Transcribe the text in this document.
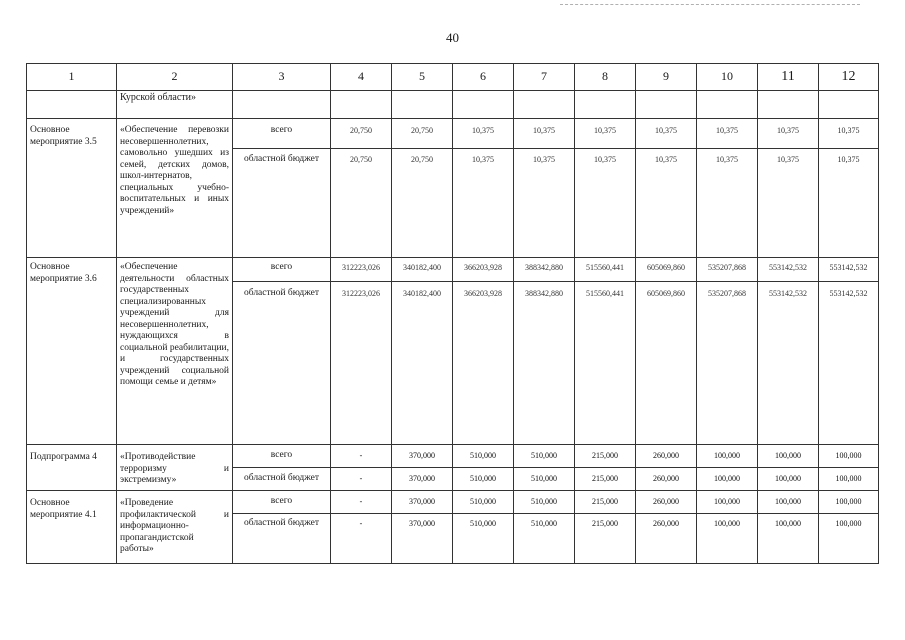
40
1	2	3	4	5	6	7	8	9	10	11	12
	Курской области»										
Основное мероприятие 3.5	«Обеспечение перевозки несовершеннолетних, самовольно ушедших из семей, детских домов, школ-интернатов, специальных учебно-воспитательных и иных учреждений»	всего	20,750	20,750	10,375	10,375	10,375	10,375	10,375	10,375	10,375
		областной бюджет	20,750	20,750	10,375	10,375	10,375	10,375	10,375	10,375	10,375
Основное мероприятие 3.6	«Обеспечение деятельности областных государственных специализированных учреждений для несовершеннолетних, нуждающихся в социальной реабилитации, и государственных учреждений социальной помощи семье и детям»	всего	312223,026	340182,400	366203,928	388342,880	515560,441	605069,860	535207,868	553142,532	553142,532
		областной бюджет	312223,026	340182,400	366203,928	388342,880	515560,441	605069,860	535207,868	553142,532	553142,532
Подпрограмма 4	«Противодействие терроризму и экстремизму»	всего	-	370,000	510,000	510,000	215,000	260,000	100,000	100,000	100,000
		областной бюджет	-	370,000	510,000	510,000	215,000	260,000	100,000	100,000	100,000
Основное мероприятие 4.1	«Проведение профилактической и информационно-пропагандистской работы»	всего	-	370,000	510,000	510,000	215,000	260,000	100,000	100,000	100,000
		областной бюджет	-	370,000	510,000	510,000	215,000	260,000	100,000	100,000	100,000
